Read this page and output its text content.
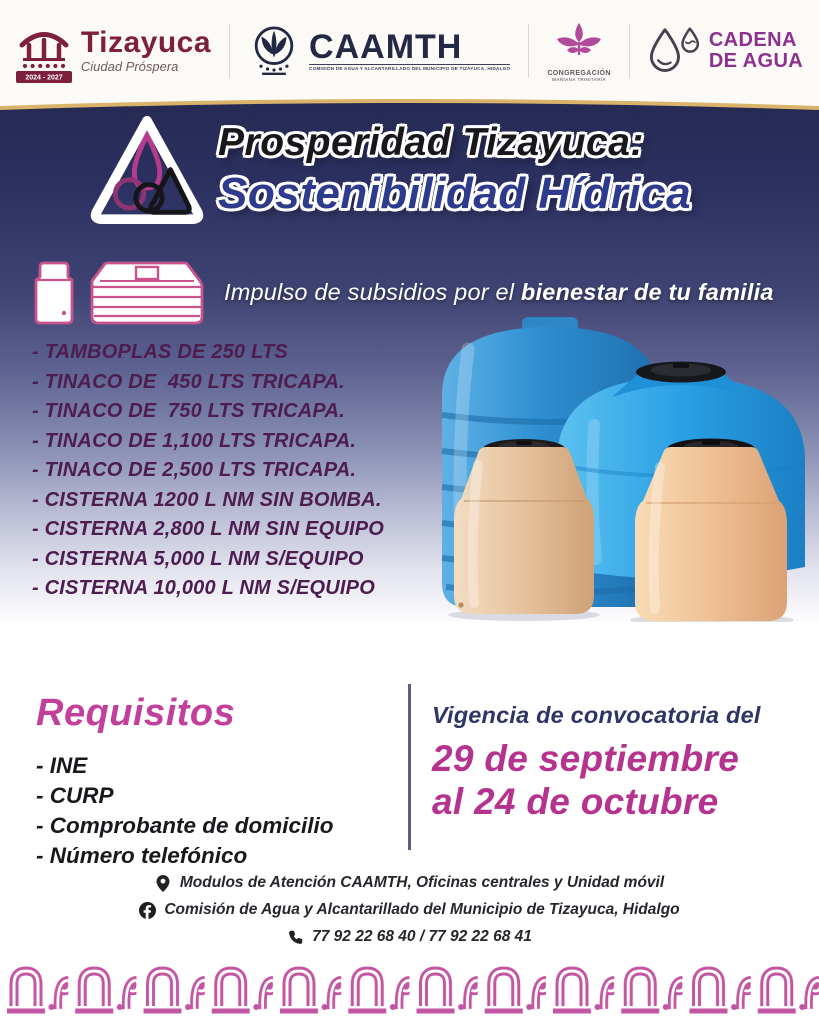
2024 - 2027
Tizayuca
Ciudad Próspera
CAAMTH
COMISIÓN DE AGUA Y ALCANTARILLADO DEL MUNICIPIO DE TIZAYUCA, HIDALGO
CONGREGACIÓN
MARIANA TRINITARIA
CADENA
DE AGUA
Prosperidad Tizayuca:
Sostenibilidad Hídrica
Impulso de subsidios por el bienestar de tu familia
- TAMBOPLAS DE 250 LTS
- TINACO DE  450 LTS TRICAPA.
- TINACO DE  750 LTS TRICAPA.
- TINACO DE 1,100 LTS TRICAPA.
- TINACO DE 2,500 LTS TRICAPA.
- CISTERNA 1200 L NM SIN BOMBA.
- CISTERNA 2,800 L NM SIN EQUIPO
- CISTERNA 5,000 L NM S/EQUIPO
- CISTERNA 10,000 L NM S/EQUIPO
Requisitos
- INE
- CURP
- Comprobante de domicilio
- Número telefónico

Vigencia de convocatoria del

29 de septiembre

al 24 de octubre

Modulos de Atención CAAMTH, Oficinas centrales y Unidad móvil
Comisión de Agua y Alcantarillado del Municipio de Tizayuca, Hidalgo
77 92 22 68 40 / 77 92 22 68 41
